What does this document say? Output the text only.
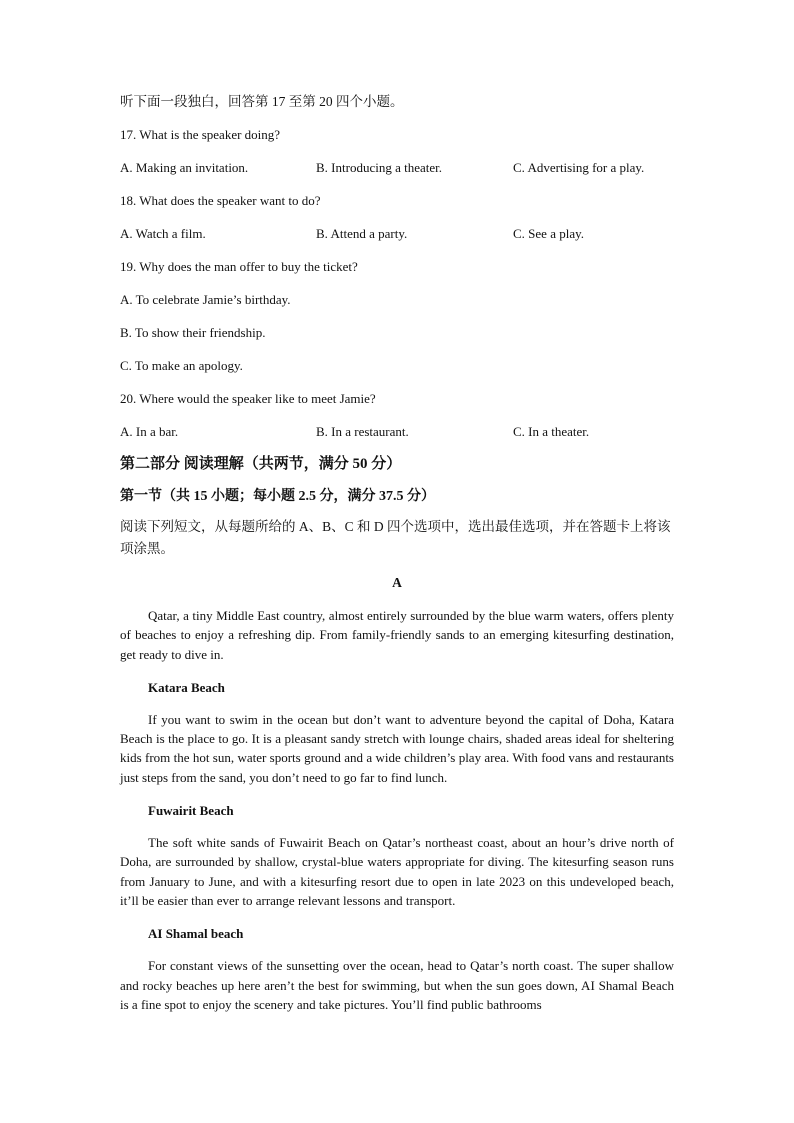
听下面一段独白，回答第 17 至第 20 四个小题。

17. What is the speaker doing?

A. Making an invitation.	B. Introducing a theater.	C. Advertising for a play.

18. What does the speaker want to do?

A. Watch a film.	B. Attend a party.	C. See a play.

19. Why does the man offer to buy the ticket?

A. To celebrate Jamie’s birthday.

B. To show their friendship.

C. To make an apology.

20. Where would the speaker like to meet Jamie?

A. In a bar.	B. In a restaurant.	C. In a theater.
第二部分 阅读理解（共两节，满分 50 分）
第一节（共 15 小题；每小题 2.5 分，满分 37.5 分）
阅读下列短文，从每题所给的 A、B、C 和 D 四个选项中，选出最佳选项，并在答题卡上将该项涂黑。
A

Qatar, a tiny Middle East country, almost entirely surrounded by the blue warm waters, offers plenty of beaches to enjoy a refreshing dip. From family-friendly sands to an emerging kitesurfing destination, get ready to dive in.

Katara Beach

If you want to swim in the ocean but don’t want to adventure beyond the capital of Doha, Katara Beach is the place to go. It is a pleasant sandy stretch with lounge chairs, shaded areas ideal for sheltering kids from the hot sun, water sports ground and a wide children’s play area. With food vans and restaurants just steps from the sand, you don’t need to go far to find lunch.

Fuwairit Beach

The soft white sands of Fuwairit Beach on Qatar’s northeast coast, about an hour’s drive north of Doha, are surrounded by shallow, crystal-blue waters appropriate for diving. The kitesurfing season runs from January to June, and with a kitesurfing resort due to open in late 2023 on this undeveloped beach, it’ll be easier than ever to arrange relevant lessons and transport.

AI Shamal beach

For constant views of the sunsetting over the ocean, head to Qatar’s north coast. The super shallow and rocky beaches up here aren’t the best for swimming, but when the sun goes down, AI Shamal Beach is a fine spot to enjoy the scenery and take pictures. You’ll find public bathrooms
